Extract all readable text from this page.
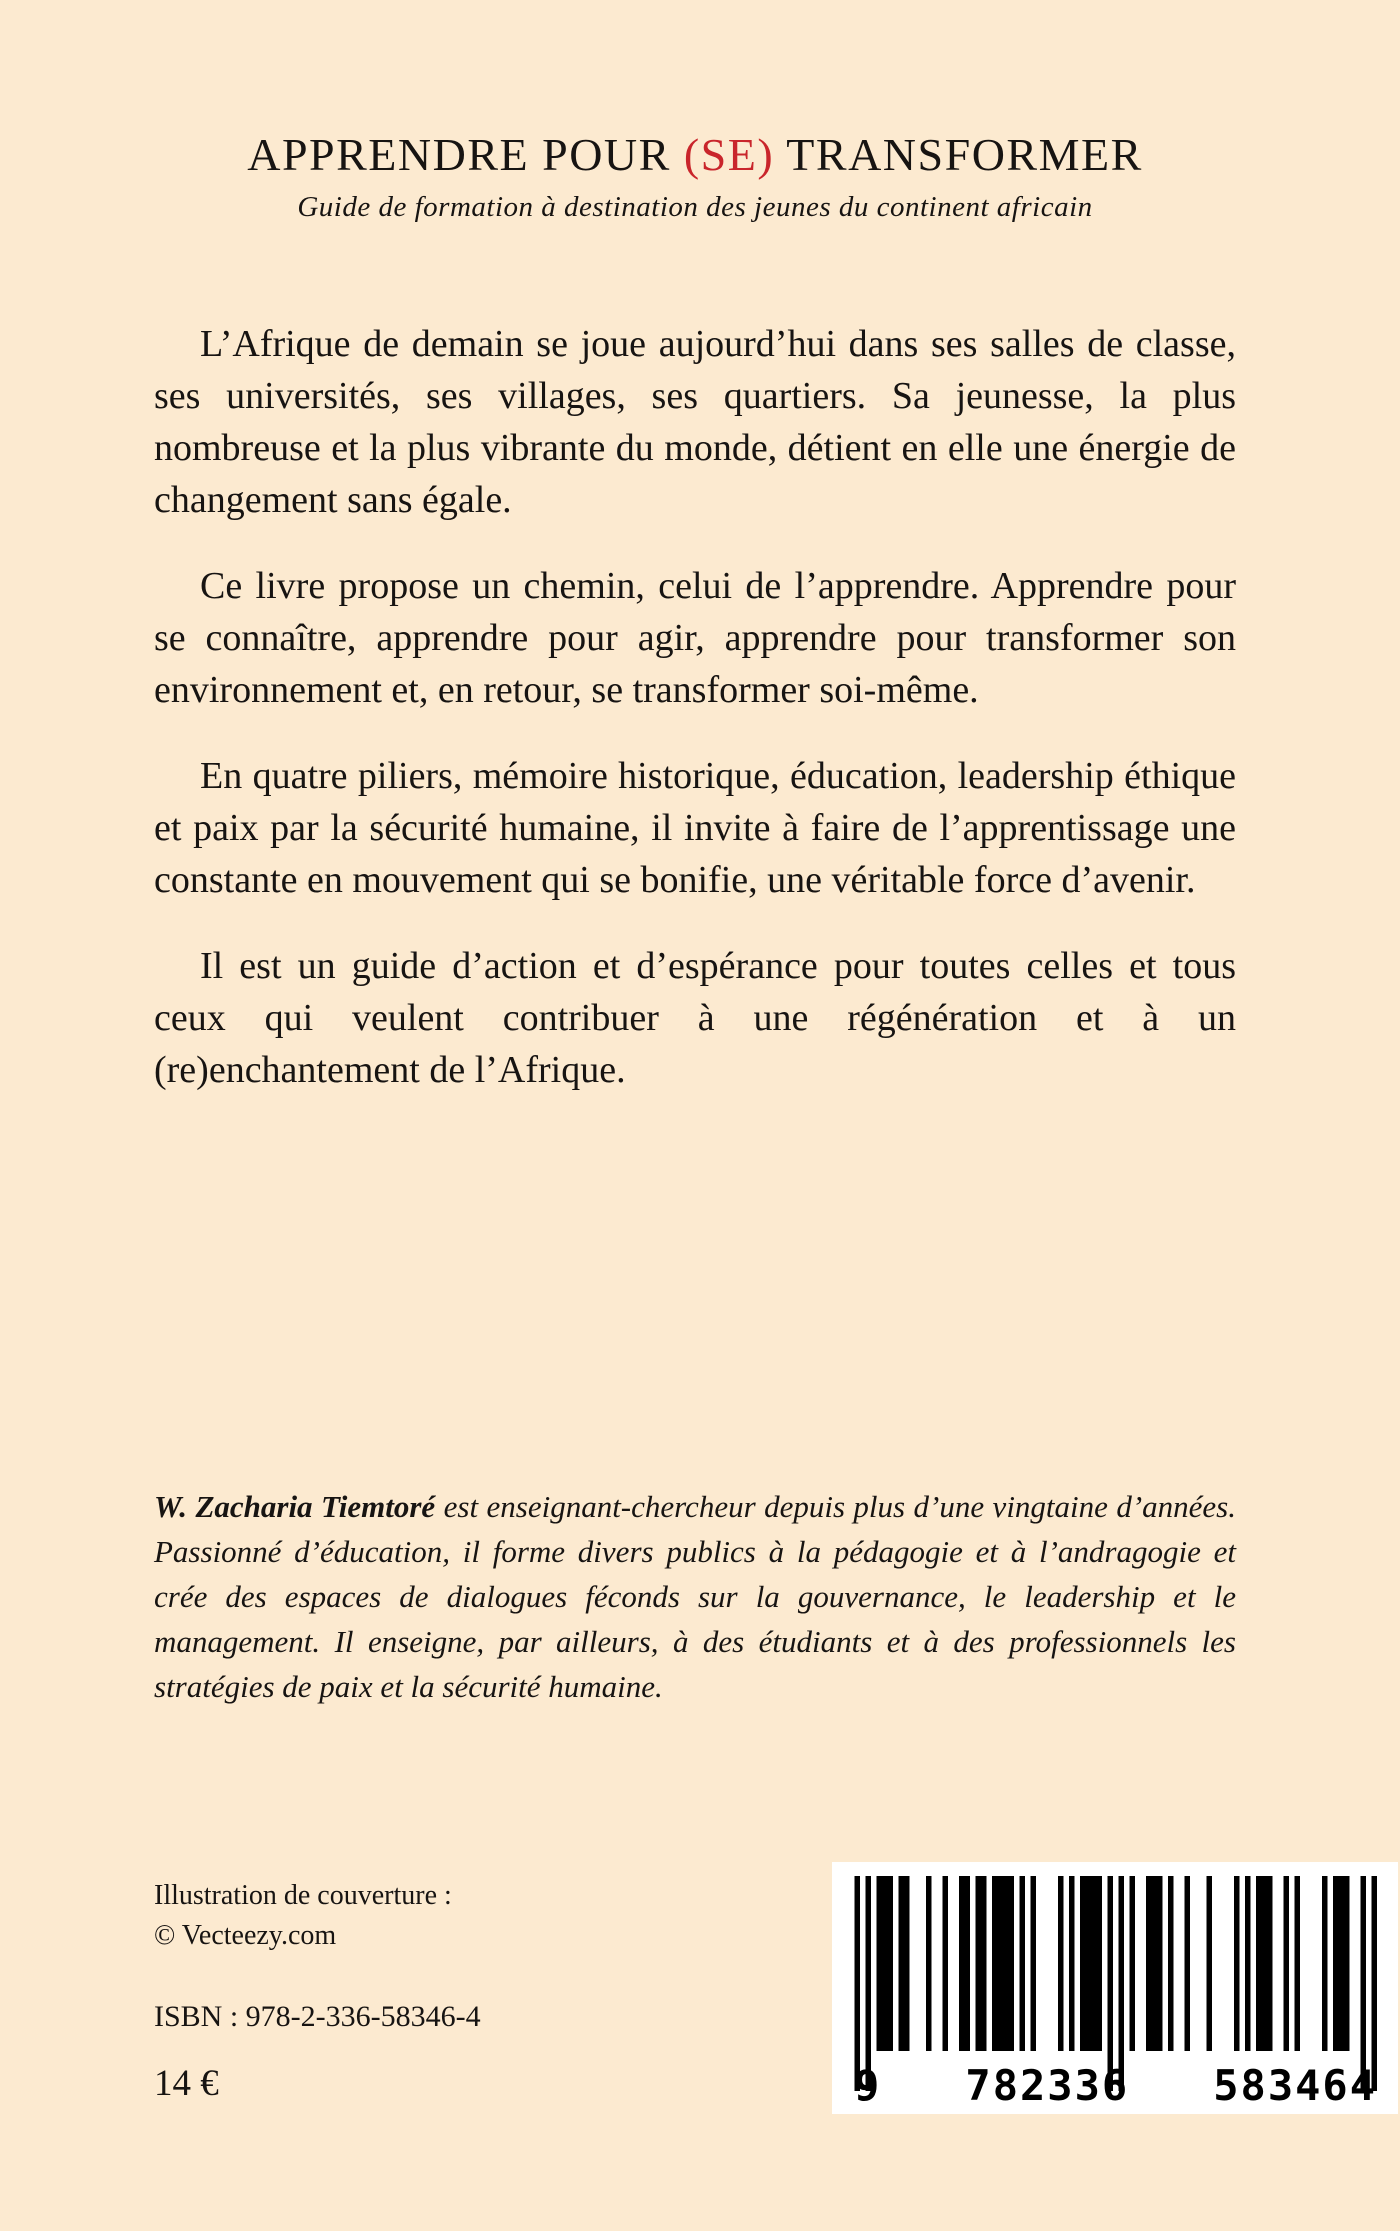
APPRENDRE POUR (SE) TRANSFORMER
Guide de formation à destination des jeunes du continent africain

L’Afrique de demain se joue aujourd’hui dans ses salles de classe, ses universités, ses villages, ses quartiers. Sa jeunesse, la plus nombreuse et la plus vibrante du monde, détient en elle une énergie de changement sans égale.

Ce livre propose un chemin, celui de l’apprendre. Apprendre pour se connaître, apprendre pour agir, apprendre pour transformer son environnement et, en retour, se transformer soi-même.

En quatre piliers, mémoire historique, éducation, leadership éthique et paix par la sécurité humaine, il invite à faire de l’apprentissage une constante en mouvement qui se bonifie, une véritable force d’avenir.

Il est un guide d’action et d’espérance pour toutes celles et tous ceux qui veulent contribuer à une régénération et à un (re)enchantement de l’Afrique.

W. Zacharia Tiemtoré est enseignant-chercheur depuis plus d’une vingtaine d’années. Passionné d’éducation, il forme divers publics à la pédagogie et à l’andragogie et crée des espaces de dialogues féconds sur la gouvernance, le leadership et le management. Il enseigne, par ailleurs, à des étudiants et à des professionnels les stratégies de paix et la sécurité humaine.

Illustration de couverture :
© Vecteezy.com
ISBN : 978-2-336-58346-4
14 €	9 782336 583464
